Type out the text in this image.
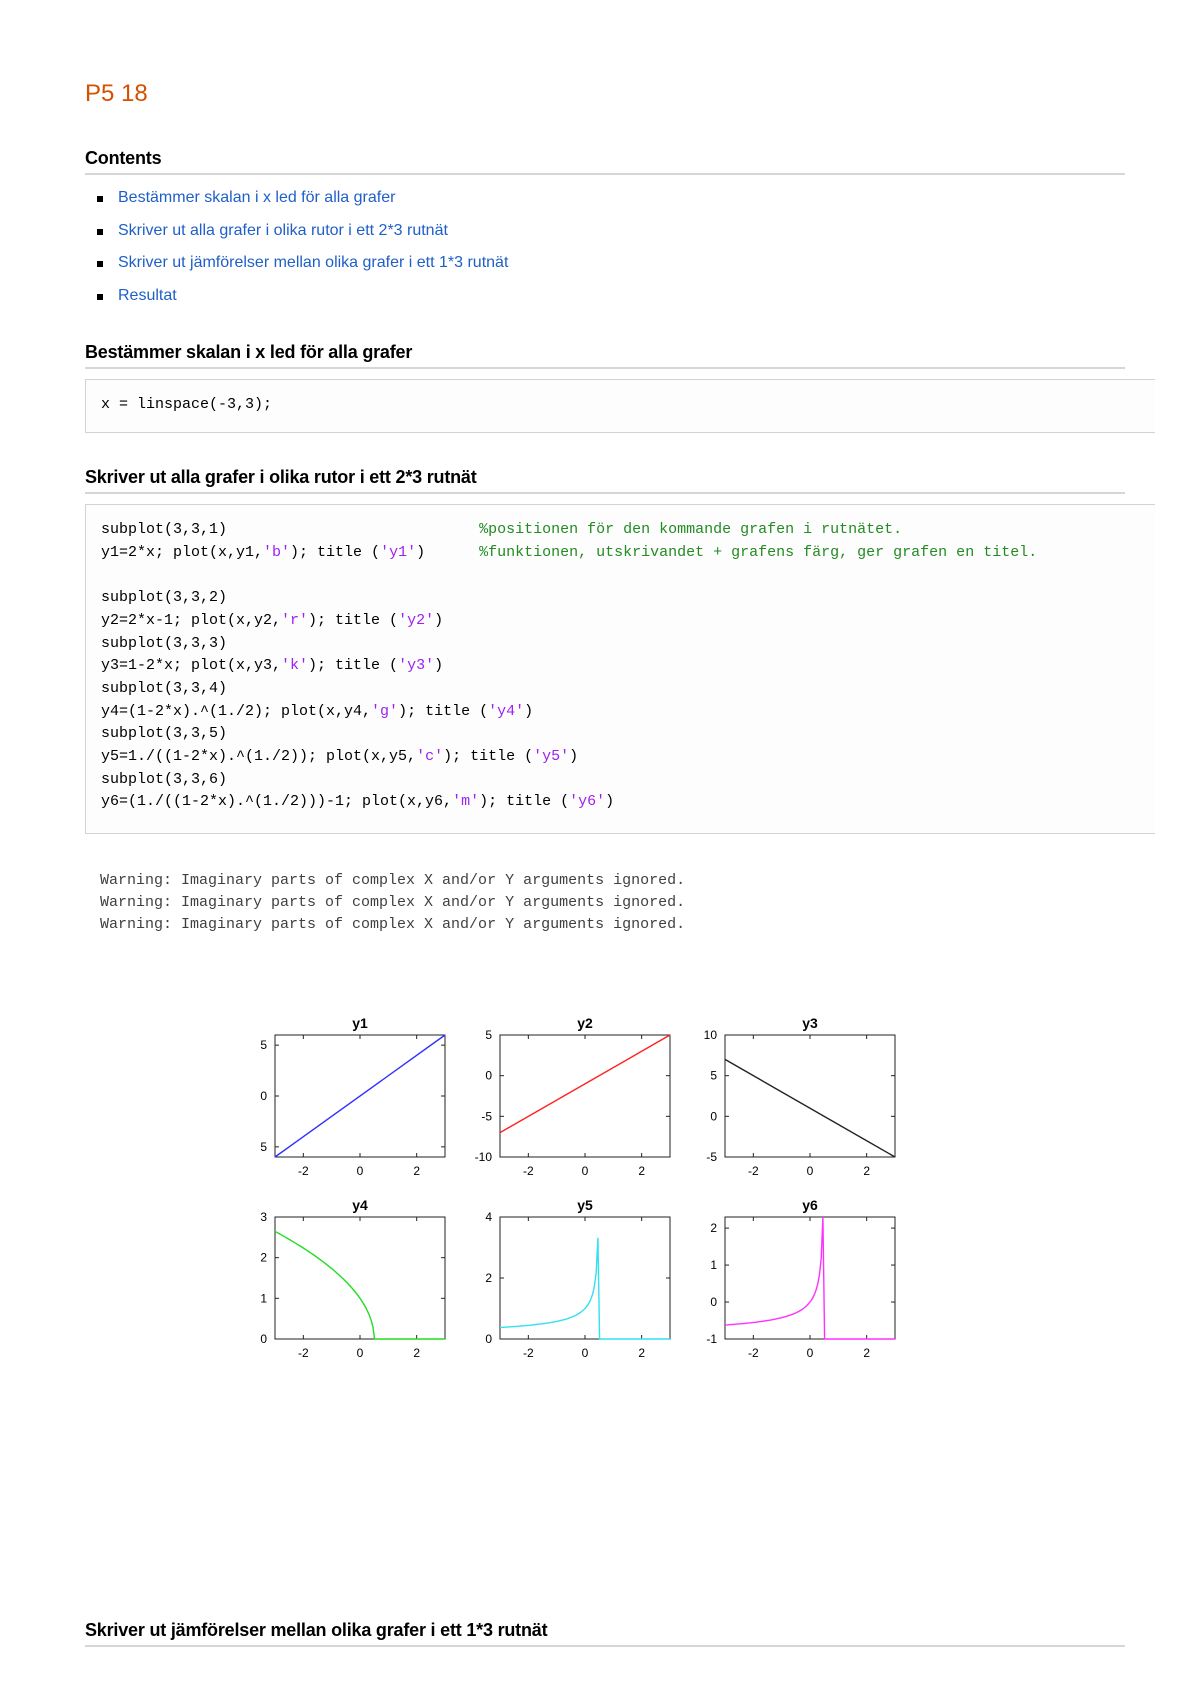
P5 18
Contents
Bestämmer skalan i x led för alla grafer
Skriver ut alla grafer i olika rutor i ett 2*3 rutnät
Skriver ut jämförelser mellan olika grafer i ett 1*3 rutnät
Resultat
Bestämmer skalan i x led för alla grafer
x = linspace(-3,3);
Skriver ut alla grafer i olika rutor i ett 2*3 rutnät
subplot(3,3,1)	%positionen för den kommande grafen i rutnätet.
y1=2*x; plot(x,y1,'b'); title ('y1')	%funktionen, utskrivandet + grafens färg, ger grafen en titel.

subplot(3,3,2)
y2=2*x-1; plot(x,y2,'r'); title ('y2')
subplot(3,3,3)
y3=1-2*x; plot(x,y3,'k'); title ('y3')
subplot(3,3,4)
y4=(1-2*x).^(1./2); plot(x,y4,'g'); title ('y4')
subplot(3,3,5)
y5=1./((1-2*x).^(1./2)); plot(x,y5,'c'); title ('y5')
subplot(3,3,6)
y6=(1./((1-2*x).^(1./2)))-1; plot(x,y6,'m'); title ('y6')
Warning: Imaginary parts of complex X and/or Y arguments ignored.
Warning: Imaginary parts of complex X and/or Y arguments ignored.
Warning: Imaginary parts of complex X and/or Y arguments ignored.
y1
5
0
5
-2	0	2
y2
5
0
-5
-10
-2	0	2
y3
10
5
0
-5
-2	0	2
y4
3
2
1
0
-2	0	2
y5
4
2
0
-2	0	2
y6
2
1
0
-1
-2	0	2
Skriver ut jämförelser mellan olika grafer i ett 1*3 rutnät
